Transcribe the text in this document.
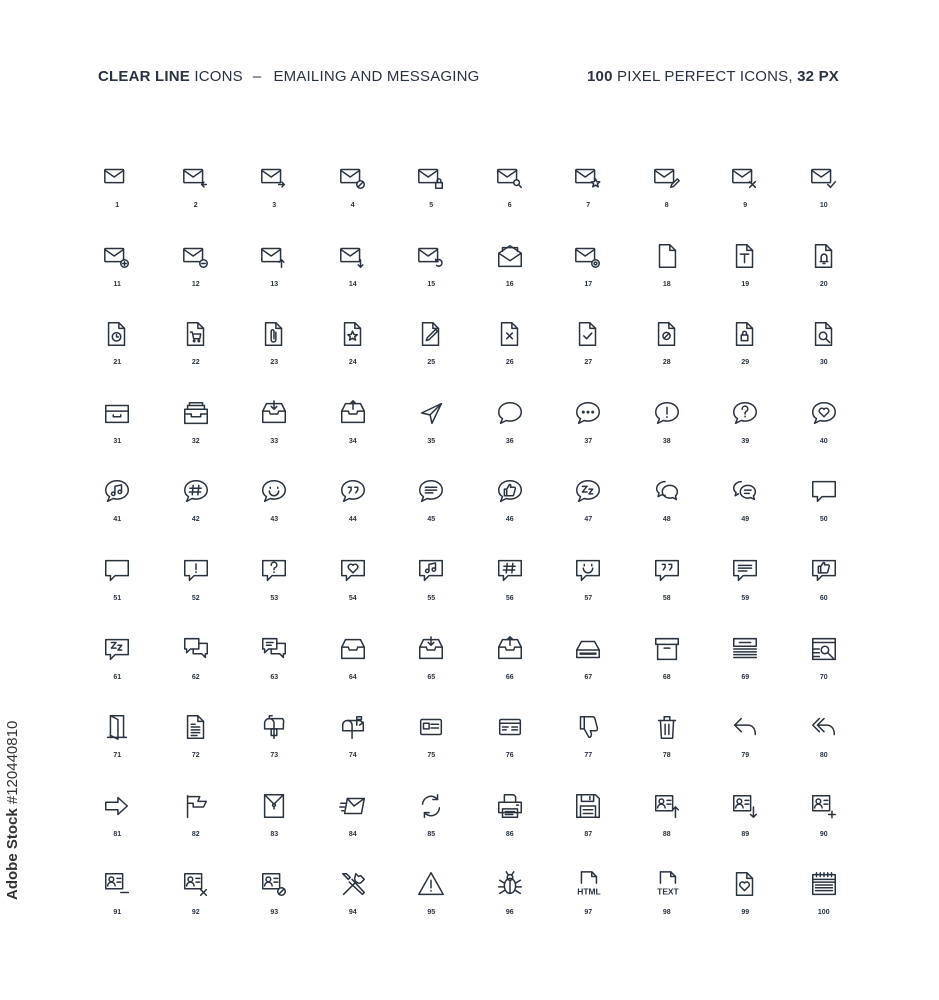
CLEAR LINE ICONS – EMAILING AND MESSAGING	100 PIXEL PERFECT ICONS, 32 PX
1	2	3	4	5	6	7	8	9	10
11	12	13	14	15	16	17	18	19	20
21	22	23	24	25	26	27	28	29	30
31	32	33	34	35	36	37	38	39	40
41	42	43	44	45	46	47	48	49	50
51	52	53	54	55	56	57	58	59	60
61	62	63	64	65	66	67	68	69	70
71	72	73	74	75	76	77	78	79	80
81	82	83	84	85	86	87	88	89	90
91	92	93	94	95	96
HTML
97
TEXT
98	99	100
Adobe Stock #120440810
